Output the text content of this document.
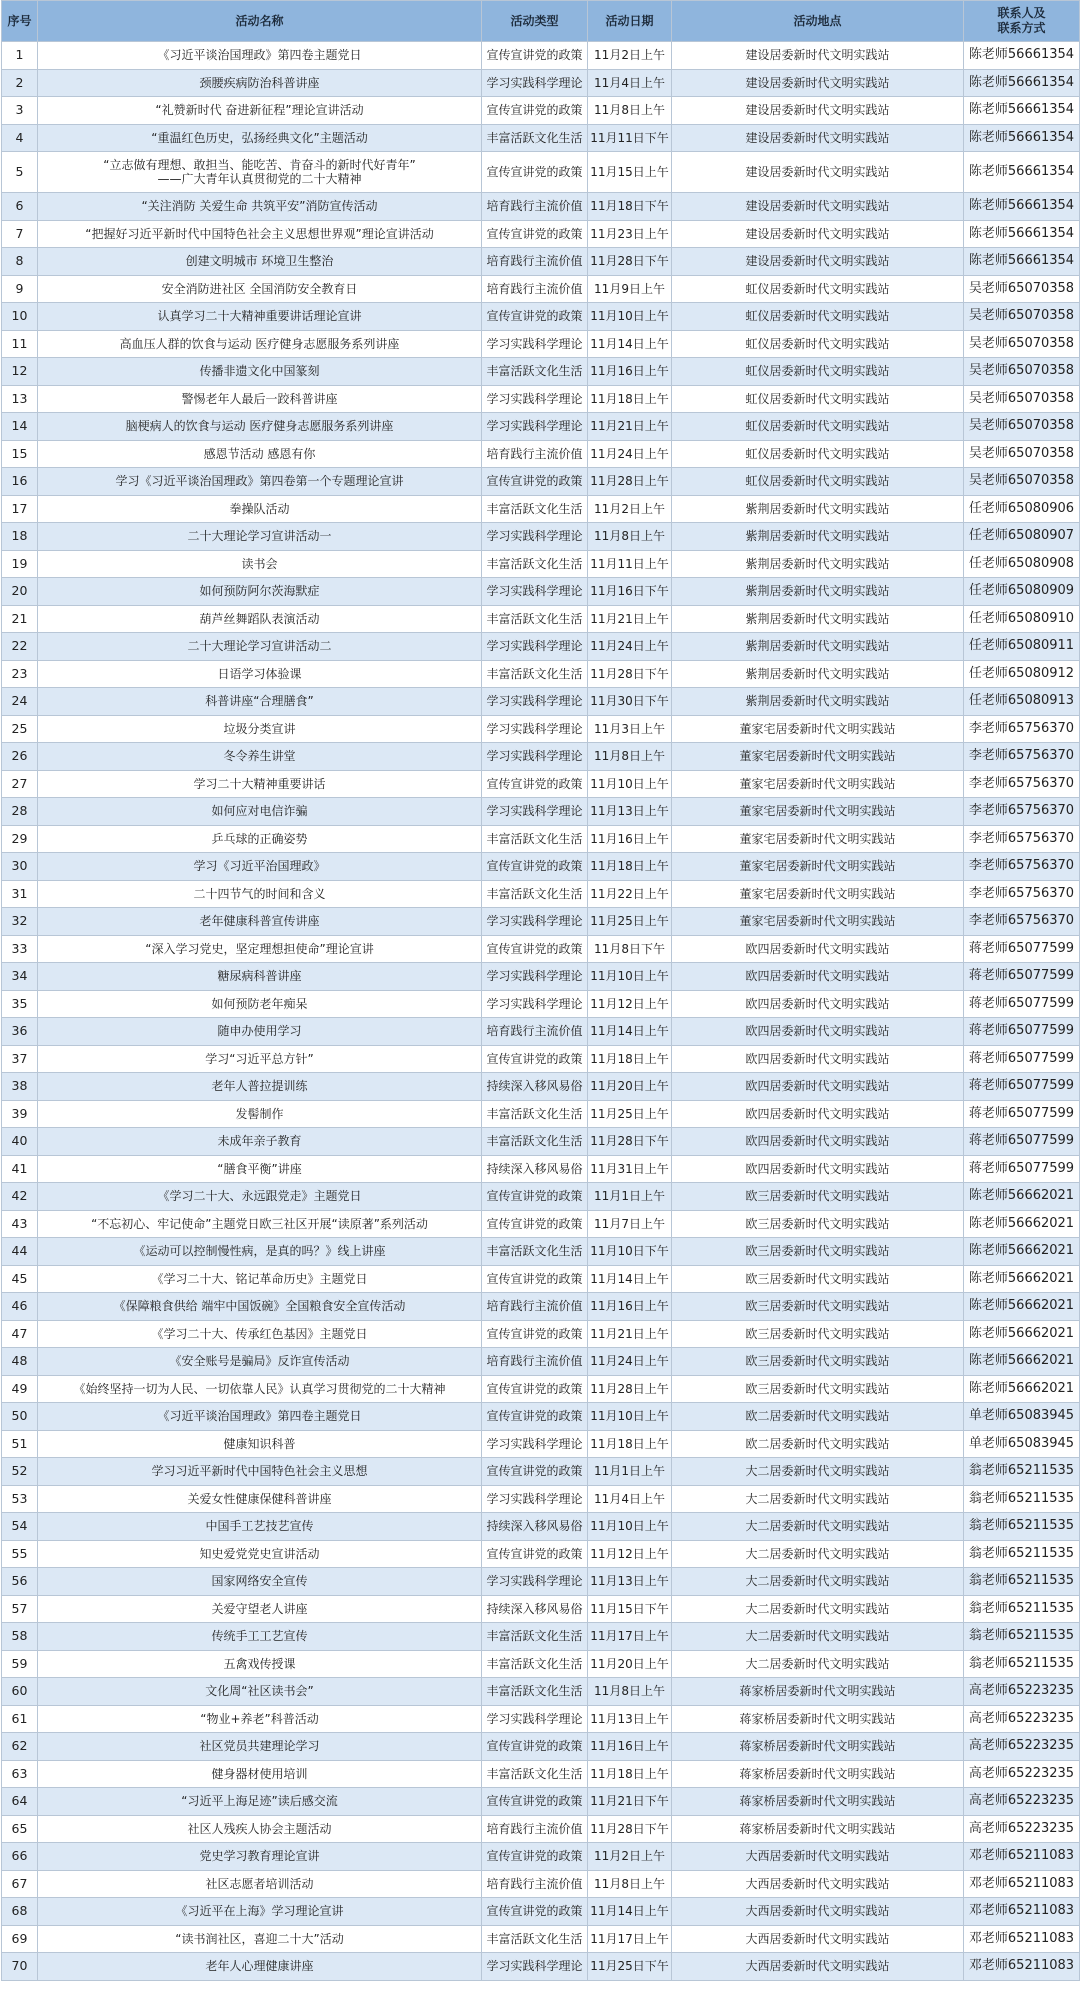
序号	活动名称	活动类型	活动日期	活动地点	联系人及
联系方式
1	《习近平谈治国理政》第四卷主题党日	宣传宣讲党的政策	11月2日上午	建设居委新时代文明实践站	陈老师56661354
2	颈腰疾病防治科普讲座	学习实践科学理论	11月4日上午	建设居委新时代文明实践站	陈老师56661354
3	“礼赞新时代 奋进新征程”理论宣讲活动	宣传宣讲党的政策	11月8日上午	建设居委新时代文明实践站	陈老师56661354
4	“重温红色历史，弘扬经典文化”主题活动	丰富活跃文化生活	11月11日下午	建设居委新时代文明实践站	陈老师56661354
5	“立志做有理想、敢担当、能吃苦、肯奋斗的新时代好青年”
——广大青年认真贯彻党的二十大精神	宣传宣讲党的政策	11月15日上午	建设居委新时代文明实践站	陈老师56661354
6	“关注消防 关爱生命 共筑平安”消防宣传活动	培育践行主流价值	11月18日下午	建设居委新时代文明实践站	陈老师56661354
7	“把握好习近平新时代中国特色社会主义思想世界观”理论宣讲活动	宣传宣讲党的政策	11月23日上午	建设居委新时代文明实践站	陈老师56661354
8	创建文明城市 环境卫生整治	培育践行主流价值	11月28日下午	建设居委新时代文明实践站	陈老师56661354
9	安全消防进社区 全国消防安全教育日	培育践行主流价值	11月9日上午	虹仪居委新时代文明实践站	吴老师65070358
10	认真学习二十大精神重要讲话理论宣讲	宣传宣讲党的政策	11月10日上午	虹仪居委新时代文明实践站	吴老师65070358
11	高血压人群的饮食与运动 医疗健身志愿服务系列讲座	学习实践科学理论	11月14日上午	虹仪居委新时代文明实践站	吴老师65070358
12	传播非遗文化中国篆刻	丰富活跃文化生活	11月16日上午	虹仪居委新时代文明实践站	吴老师65070358
13	警惕老年人最后一跤科普讲座	学习实践科学理论	11月18日上午	虹仪居委新时代文明实践站	吴老师65070358
14	脑梗病人的饮食与运动 医疗健身志愿服务系列讲座	学习实践科学理论	11月21日上午	虹仪居委新时代文明实践站	吴老师65070358
15	感恩节活动 感恩有你	培育践行主流价值	11月24日上午	虹仪居委新时代文明实践站	吴老师65070358
16	学习《习近平谈治国理政》第四卷第一个专题理论宣讲	宣传宣讲党的政策	11月28日上午	虹仪居委新时代文明实践站	吴老师65070358
17	拳操队活动	丰富活跃文化生活	11月2日上午	紫荆居委新时代文明实践站	任老师65080906
18	二十大理论学习宣讲活动一	学习实践科学理论	11月8日上午	紫荆居委新时代文明实践站	任老师65080907
19	读书会	丰富活跃文化生活	11月11日上午	紫荆居委新时代文明实践站	任老师65080908
20	如何预防阿尔茨海默症	学习实践科学理论	11月16日下午	紫荆居委新时代文明实践站	任老师65080909
21	葫芦丝舞蹈队表演活动	丰富活跃文化生活	11月21日上午	紫荆居委新时代文明实践站	任老师65080910
22	二十大理论学习宣讲活动二	学习实践科学理论	11月24日上午	紫荆居委新时代文明实践站	任老师65080911
23	日语学习体验课	丰富活跃文化生活	11月28日下午	紫荆居委新时代文明实践站	任老师65080912
24	科普讲座“合理膳食”	学习实践科学理论	11月30日下午	紫荆居委新时代文明实践站	任老师65080913
25	垃圾分类宣讲	学习实践科学理论	11月3日上午	董家宅居委新时代文明实践站	李老师65756370
26	冬令养生讲堂	学习实践科学理论	11月8日上午	董家宅居委新时代文明实践站	李老师65756370
27	学习二十大精神重要讲话	宣传宣讲党的政策	11月10日上午	董家宅居委新时代文明实践站	李老师65756370
28	如何应对电信诈骗	学习实践科学理论	11月13日上午	董家宅居委新时代文明实践站	李老师65756370
29	乒乓球的正确姿势	丰富活跃文化生活	11月16日上午	董家宅居委新时代文明实践站	李老师65756370
30	学习《习近平治国理政》	宣传宣讲党的政策	11月18日上午	董家宅居委新时代文明实践站	李老师65756370
31	二十四节气的时间和含义	丰富活跃文化生活	11月22日上午	董家宅居委新时代文明实践站	李老师65756370
32	老年健康科普宣传讲座	学习实践科学理论	11月25日上午	董家宅居委新时代文明实践站	李老师65756370
33	“深入学习党史，坚定理想担使命”理论宣讲	宣传宣讲党的政策	11月8日下午	欧四居委新时代文明实践站	蒋老师65077599
34	糖尿病科普讲座	学习实践科学理论	11月10日上午	欧四居委新时代文明实践站	蒋老师65077599
35	如何预防老年痴呆	学习实践科学理论	11月12日上午	欧四居委新时代文明实践站	蒋老师65077599
36	随申办使用学习	培育践行主流价值	11月14日上午	欧四居委新时代文明实践站	蒋老师65077599
37	学习“习近平总方针”	宣传宣讲党的政策	11月18日上午	欧四居委新时代文明实践站	蒋老师65077599
38	老年人普拉提训练	持续深入移风易俗	11月20日上午	欧四居委新时代文明实践站	蒋老师65077599
39	发髻制作	丰富活跃文化生活	11月25日上午	欧四居委新时代文明实践站	蒋老师65077599
40	未成年亲子教育	丰富活跃文化生活	11月28日下午	欧四居委新时代文明实践站	蒋老师65077599
41	“膳食平衡”讲座	持续深入移风易俗	11月31日上午	欧四居委新时代文明实践站	蒋老师65077599
42	《学习二十大、永远跟党走》主题党日	宣传宣讲党的政策	11月1日上午	欧三居委新时代文明实践站	陈老师56662021
43	“不忘初心、牢记使命”主题党日欧三社区开展“读原著”系列活动	宣传宣讲党的政策	11月7日上午	欧三居委新时代文明实践站	陈老师56662021
44	《运动可以控制慢性病，是真的吗？》线上讲座	丰富活跃文化生活	11月10日下午	欧三居委新时代文明实践站	陈老师56662021
45	《学习二十大、铭记革命历史》主题党日	宣传宣讲党的政策	11月14日上午	欧三居委新时代文明实践站	陈老师56662021
46	《保障粮食供给 端牢中国饭碗》全国粮食安全宣传活动	培育践行主流价值	11月16日上午	欧三居委新时代文明实践站	陈老师56662021
47	《学习二十大、传承红色基因》主题党日	宣传宣讲党的政策	11月21日上午	欧三居委新时代文明实践站	陈老师56662021
48	《安全账号是骗局》反诈宣传活动	培育践行主流价值	11月24日上午	欧三居委新时代文明实践站	陈老师56662021
49	《始终坚持一切为人民、一切依靠人民》认真学习贯彻党的二十大精神	宣传宣讲党的政策	11月28日上午	欧三居委新时代文明实践站	陈老师56662021
50	《习近平谈治国理政》第四卷主题党日	宣传宣讲党的政策	11月10日上午	欧二居委新时代文明实践站	单老师65083945
51	健康知识科普	学习实践科学理论	11月18日上午	欧二居委新时代文明实践站	单老师65083945
52	学习习近平新时代中国特色社会主义思想	宣传宣讲党的政策	11月1日上午	大二居委新时代文明实践站	翁老师65211535
53	关爱女性健康保健科普讲座	学习实践科学理论	11月4日上午	大二居委新时代文明实践站	翁老师65211535
54	中国手工艺技艺宣传	持续深入移风易俗	11月10日上午	大二居委新时代文明实践站	翁老师65211535
55	知史爱党党史宣讲活动	宣传宣讲党的政策	11月12日上午	大二居委新时代文明实践站	翁老师65211535
56	国家网络安全宣传	学习实践科学理论	11月13日上午	大二居委新时代文明实践站	翁老师65211535
57	关爱守望老人讲座	持续深入移风易俗	11月15日下午	大二居委新时代文明实践站	翁老师65211535
58	传统手工工艺宣传	丰富活跃文化生活	11月17日上午	大二居委新时代文明实践站	翁老师65211535
59	五禽戏传授课	丰富活跃文化生活	11月20日上午	大二居委新时代文明实践站	翁老师65211535
60	文化周“社区读书会”	丰富活跃文化生活	11月8日上午	蒋家桥居委新时代文明实践站	高老师65223235
61	“物业+养老”科普活动	学习实践科学理论	11月13日上午	蒋家桥居委新时代文明实践站	高老师65223235
62	社区党员共建理论学习	宣传宣讲党的政策	11月16日上午	蒋家桥居委新时代文明实践站	高老师65223235
63	健身器材使用培训	丰富活跃文化生活	11月18日上午	蒋家桥居委新时代文明实践站	高老师65223235
64	“习近平上海足迹”读后感交流	宣传宣讲党的政策	11月21日下午	蒋家桥居委新时代文明实践站	高老师65223235
65	社区人残疾人协会主题活动	培育践行主流价值	11月28日下午	蒋家桥居委新时代文明实践站	高老师65223235
66	党史学习教育理论宣讲	宣传宣讲党的政策	11月2日上午	大西居委新时代文明实践站	邓老师65211083
67	社区志愿者培训活动	培育践行主流价值	11月8日上午	大西居委新时代文明实践站	邓老师65211083
68	《习近平在上海》学习理论宣讲	宣传宣讲党的政策	11月14日上午	大西居委新时代文明实践站	邓老师65211083
69	“读书润社区，喜迎二十大”活动	丰富活跃文化生活	11月17日上午	大西居委新时代文明实践站	邓老师65211083
70	老年人心理健康讲座	学习实践科学理论	11月25日下午	大西居委新时代文明实践站	邓老师65211083
